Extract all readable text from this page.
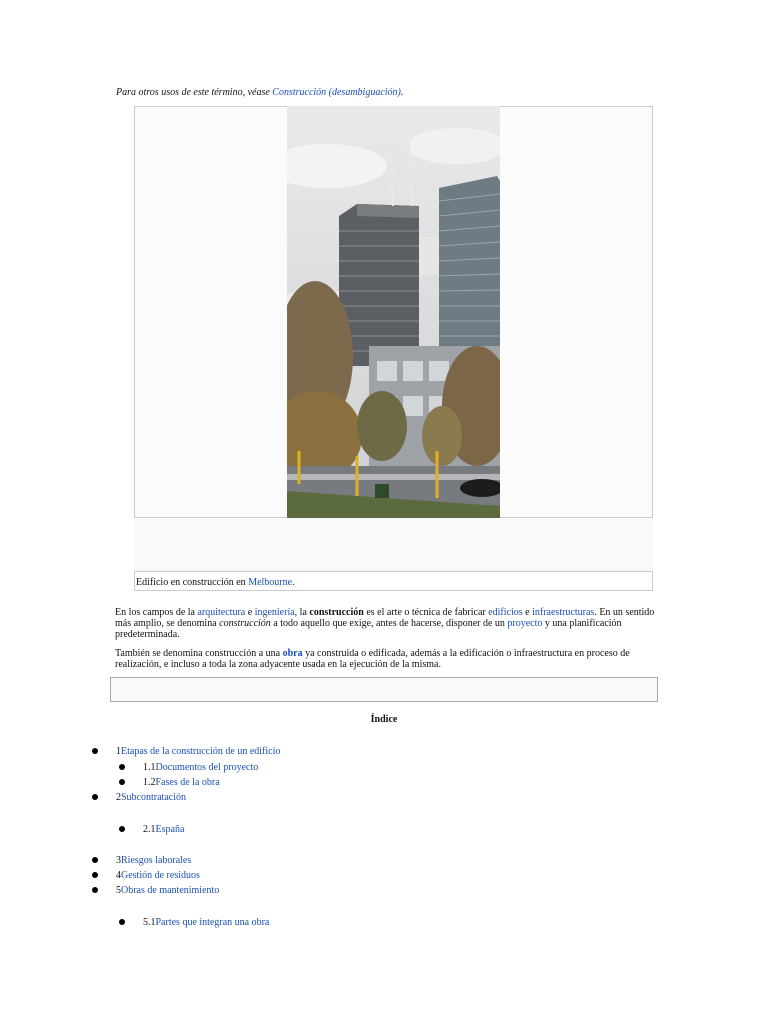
Para otros usos de este término, véase Construcción (desambiguación).
Edificio en construcción en Melbourne.
En los campos de la arquitectura e ingeniería, la construcción es el arte o técnica de fabricar edificios e infraestructuras. En un sentido más amplio, se denomina construcción a todo aquello que exige, antes de hacerse, disponer de un proyecto y una planificación predeterminada.
También se denomina construcción a una obra ya construida o edificada, además a la edificación o infraestructura en proceso de realización, e incluso a toda la zona adyacente usada en la ejecución de la misma.
Índice
1Etapas de la construcción de un edificio
1.1Documentos del proyecto
1.2Fases de la obra
2Subcontratación
2.1España
3Riesgos laborales
4Gestión de residuos
5Obras de mantenimiento
5.1Partes que integran una obra
